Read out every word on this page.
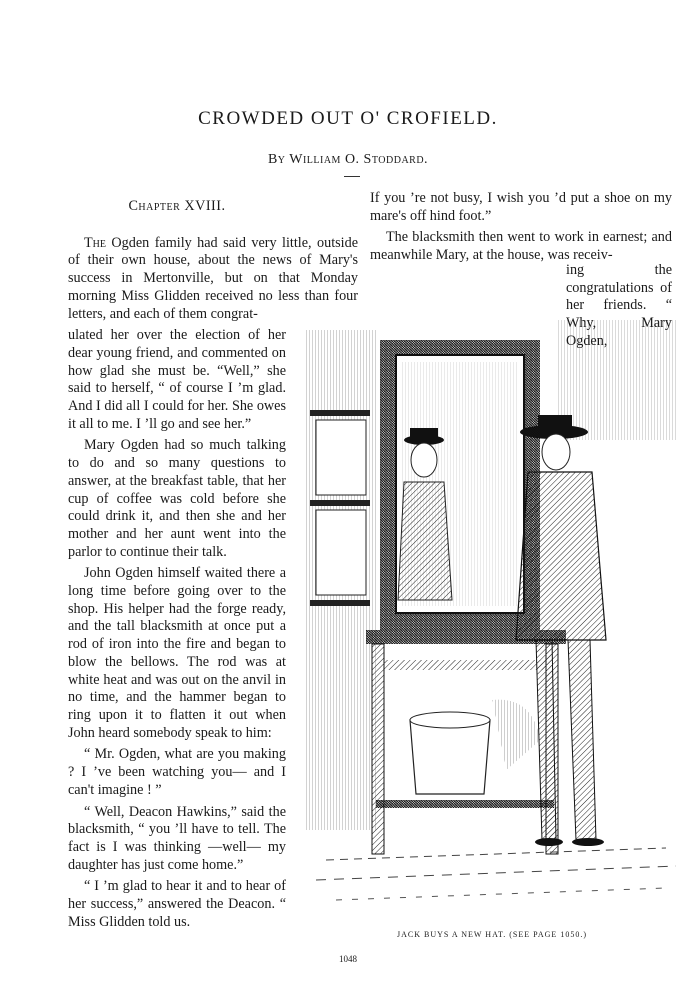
CROWDED OUT O' CROFIELD.
By William O. Stoddard.
Chapter XVIII.

The Ogden family had said very little, outside of their own house, about the news of Mary's success in Mertonville, but on that Monday morning Miss Glidden received no less than four letters, and each of them congrat-

ulated her over the election of her dear young friend, and commented on how glad she must be. “Well,” she said to herself, “ of course I ’m glad. And I did all I could for her. She owes it all to me. I ’ll go and see her.”

Mary Ogden had so much talking to do and so many questions to answer, at the breakfast table, that her cup of coffee was cold before she could drink it, and then she and her mother and her aunt went into the parlor to continue their talk.

John Ogden himself waited there a long time before going over to the shop. His helper had the forge ready, and the tall blacksmith at once put a rod of iron into the fire and began to blow the bellows. The rod was at white heat and was out on the anvil in no time, and the hammer began to ring upon it to flatten it out when John heard somebody speak to him:

“ Mr. Ogden, what are you making ? I ’ve been watching you— and I can't imagine ! ”

“ Well, Deacon Hawkins,” said the blacksmith, “ you ’ll have to tell. The fact is I was thinking —well— my daughter has just come home.”

“ I ’m glad to hear it and to hear of her success,” answered the Deacon. “ Miss Glidden told us.

If you ’re not busy, I wish you ’d put a shoe on my mare's off hind foot.”

The blacksmith then went to work in earnest; and meanwhile Mary, at the house, was receiv-

ing the congratulations of her friends. “ Why, Mary Ogden,
JACK BUYS A NEW HAT. (SEE PAGE 1050.)
1048
